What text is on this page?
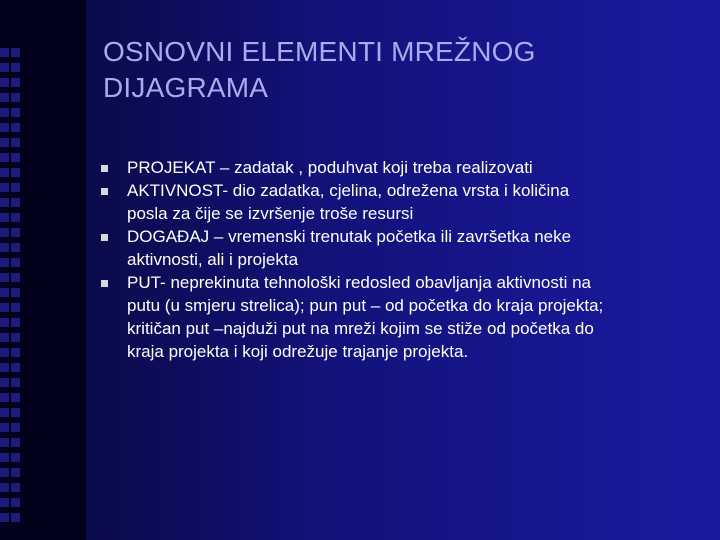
OSNOVNI ELEMENTI MREŽNOG
DIJAGRAMA
PROJEKAT – zadatak , poduhvat koji treba realizovati
AKTIVNOST- dio zadatka, cjelina, odrežena vrsta i količina
posla za čije se izvršenje troše resursi
DOGAĐAJ – vremenski trenutak početka ili završetka neke
aktivnosti, ali i projekta
PUT- neprekinuta tehnološki redosled obavljanja aktivnosti na
putu (u smjeru strelica); pun put – od početka do kraja projekta;
kritičan put –najduži put na mreži kojim se stiže od početka do
kraja projekta i koji odrežuje trajanje projekta.
